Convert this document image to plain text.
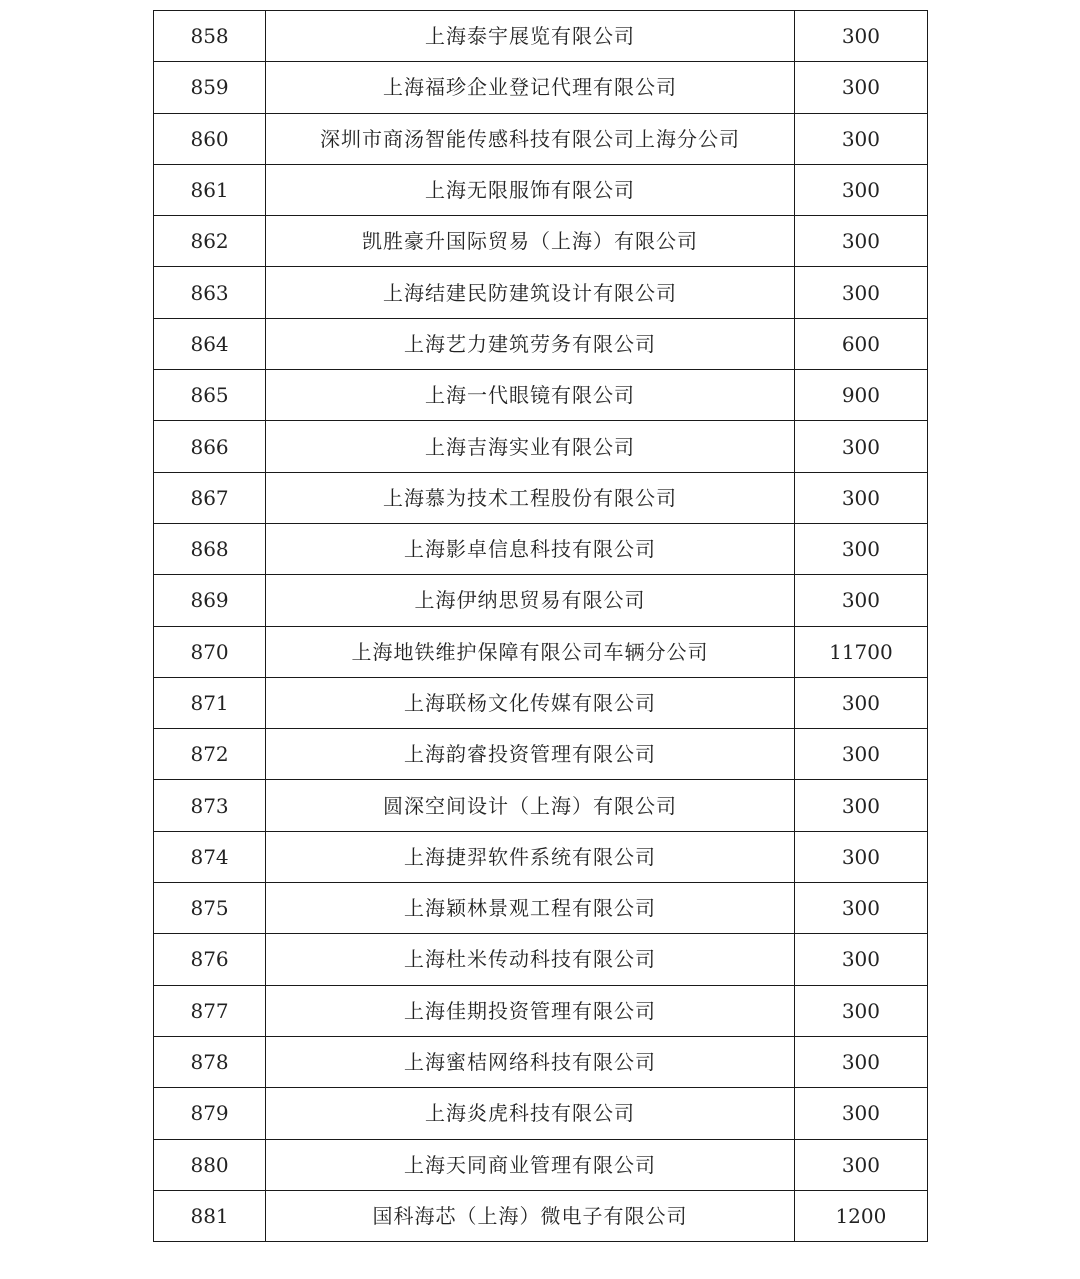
858	上海泰宇展览有限公司	300
859	上海福珍企业登记代理有限公司	300
860	深圳市商汤智能传感科技有限公司上海分公司	300
861	上海无限服饰有限公司	300
862	凯胜豪升国际贸易（上海）有限公司	300
863	上海结建民防建筑设计有限公司	300
864	上海艺力建筑劳务有限公司	600
865	上海一代眼镜有限公司	900
866	上海吉海实业有限公司	300
867	上海慕为技术工程股份有限公司	300
868	上海影卓信息科技有限公司	300
869	上海伊纳思贸易有限公司	300
870	上海地铁维护保障有限公司车辆分公司	11700
871	上海联杨文化传媒有限公司	300
872	上海韵睿投资管理有限公司	300
873	圆深空间设计（上海）有限公司	300
874	上海捷羿软件系统有限公司	300
875	上海颖林景观工程有限公司	300
876	上海杜米传动科技有限公司	300
877	上海佳期投资管理有限公司	300
878	上海蜜桔网络科技有限公司	300
879	上海炎虎科技有限公司	300
880	上海天同商业管理有限公司	300
881	国科海芯（上海）微电子有限公司	1200
